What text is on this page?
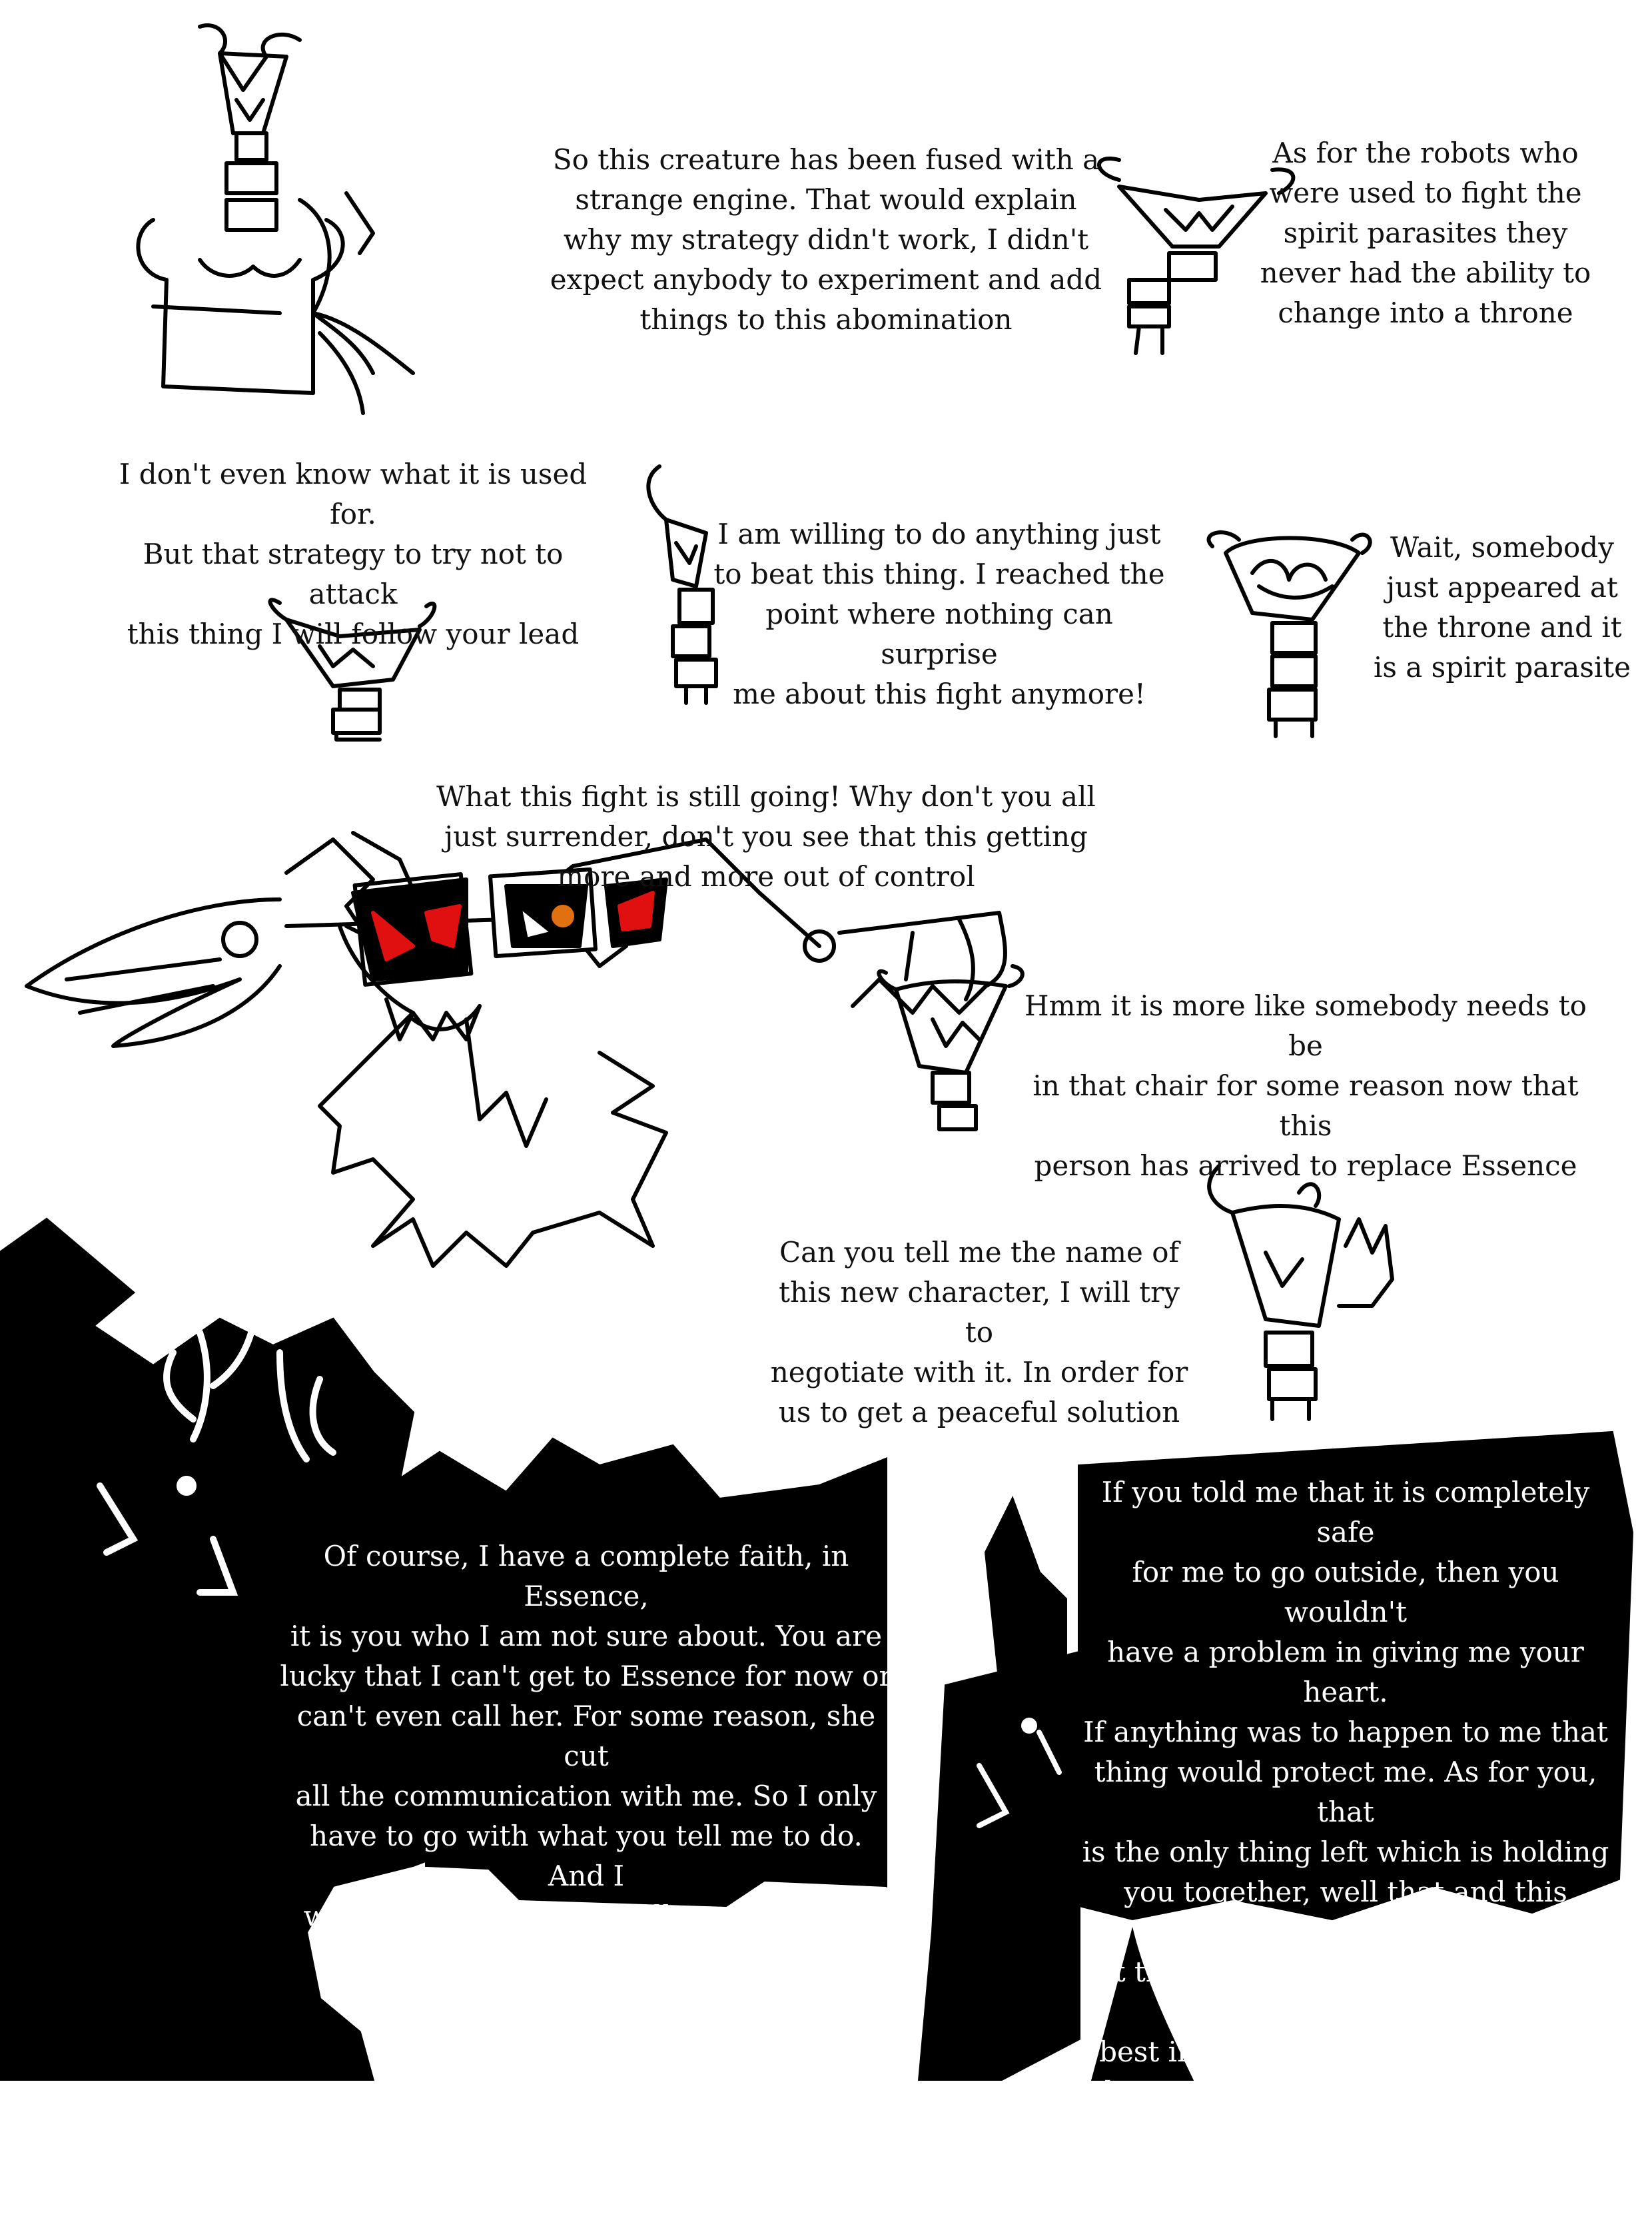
So this creature has been fused with a
strange engine. That would explain
why my strategy didn't work, I didn't
expect anybody to experiment and add
things to this abomination
As for the robots who
were used to fight the
spirit parasites they
never had the ability to
change into a throne
I don't even know what it is used for.
But that strategy to try not to attack
this thing I will follow your lead
I am willing to do anything just
to beat this thing. I reached the
point where nothing can surprise
me about this fight anymore!
Wait, somebody
just appeared at
the throne and it
is a spirit parasite
What this fight is still going! Why don't you all
just surrender, don't you see that this getting
more and more out of control
Hmm it is more like somebody needs to be
in that chair for some reason now that this
person has arrived to replace Essence
Can you tell me the name of
this new character, I will try to
negotiate with it. In order for
us to get a peaceful solution
Of course, I have a complete faith, in Essence,
it is you who I am not sure about. You are
lucky that I can't get to Essence for now or
can't even call her. For some reason, she cut
all the communication with me. So I only
have to go with what you tell me to do. And I
will listen to what you tell me to do, but only
under one condition
If you told me that it is completely safe
for me to go outside, then you wouldn't
have a problem in giving me your heart.
If anything was to happen to me that
thing would protect me. As for you, that
is the only thing left which is holding
you together, well that and this creature
at the moment, so it wouldn't be in your
best interest to lie to me about the
danger outside. Oh and don't try to give
me a fake one I will know the difference
